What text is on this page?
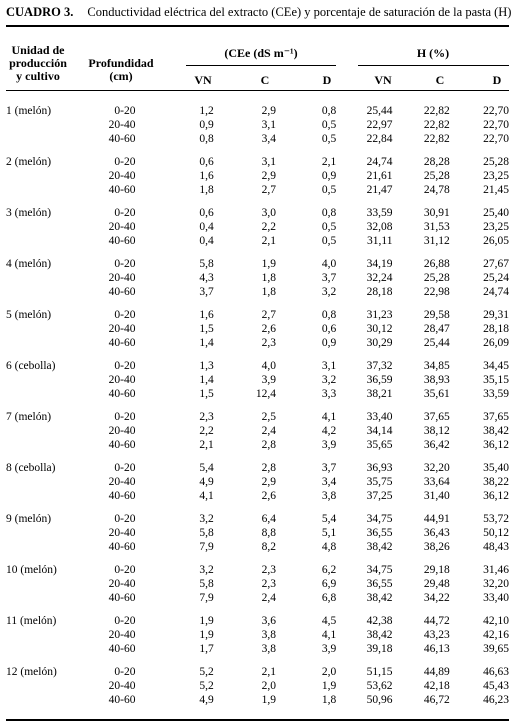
CUADRO 3. Conductividad eléctrica del extracto (CEe) y porcentaje de saturación de la pasta (H)
Unidad de
producción
y cultivo
Profundidad
(cm)
(CEe (dS m⁻¹)	H (%)
VN	C	D	VN	C	D
1 (melón)	0-20	1,2	2,9	0,8	25,44	22,82	22,70
	20-40	0,9	3,1	0,5	22,97	22,82	22,70
	40-60	0,8	3,4	0,5	22,84	22,82	22,70

2 (melón)	0-20	0,6	3,1	2,1	24,74	28,28	25,28
	20-40	1,6	2,9	0,9	21,61	25,28	23,25
	40-60	1,8	2,7	0,5	21,47	24,78	21,45

3 (melón)	0-20	0,6	3,0	0,8	33,59	30,91	25,40
	20-40	0,4	2,2	0,5	32,08	31,53	23,25
	40-60	0,4	2,1	0,5	31,11	31,12	26,05

4 (melón)	0-20	5,8	1,9	4,0	34,19	26,88	27,67
	20-40	4,3	1,8	3,7	32,24	25,28	25,24
	40-60	3,7	1,8	3,2	28,18	22,98	24,74

5 (melón)	0-20	1,6	2,7	0,8	31,23	29,58	29,31
	20-40	1,5	2,6	0,6	30,12	28,47	28,18
	40-60	1,4	2,3	0,9	30,29	25,44	26,09

6 (cebolla)	0-20	1,3	4,0	3,1	37,32	34,85	34,45
	20-40	1,4	3,9	3,2	36,59	38,93	35,15
	40-60	1,5	12,4	3,3	38,21	35,61	33,59

7 (melón)	0-20	2,3	2,5	4,1	33,40	37,65	37,65
	20-40	2,2	2,4	4,2	34,14	38,12	38,42
	40-60	2,1	2,8	3,9	35,65	36,42	36,12

8 (cebolla)	0-20	5,4	2,8	3,7	36,93	32,20	35,40
	20-40	4,9	2,9	3,4	35,75	33,64	38,22
	40-60	4,1	2,6	3,8	37,25	31,40	36,12

9 (melón)	0-20	3,2	6,4	5,4	34,75	44,91	53,72
	20-40	5,8	8,8	5,1	36,55	36,43	50,12
	40-60	7,9	8,2	4,8	38,42	38,26	48,43

10 (melón)	0-20	3,2	2,3	6,2	34,75	29,18	31,46
	20-40	5,8	2,3	6,9	36,55	29,48	32,20
	40-60	7,9	2,4	6,8	38,42	34,22	33,40

11 (melón)	0-20	1,9	3,6	4,5	42,38	44,72	42,10
	20-40	1,9	3,8	4,1	38,42	43,23	42,16
	40-60	1,7	3,8	3,9	39,18	46,13	39,65

12 (melón)	0-20	5,2	2,1	2,0	51,15	44,89	46,63
	20-40	5,2	2,0	1,9	53,62	42,18	45,43
	40-60	4,9	1,9	1,8	50,96	46,72	46,23
